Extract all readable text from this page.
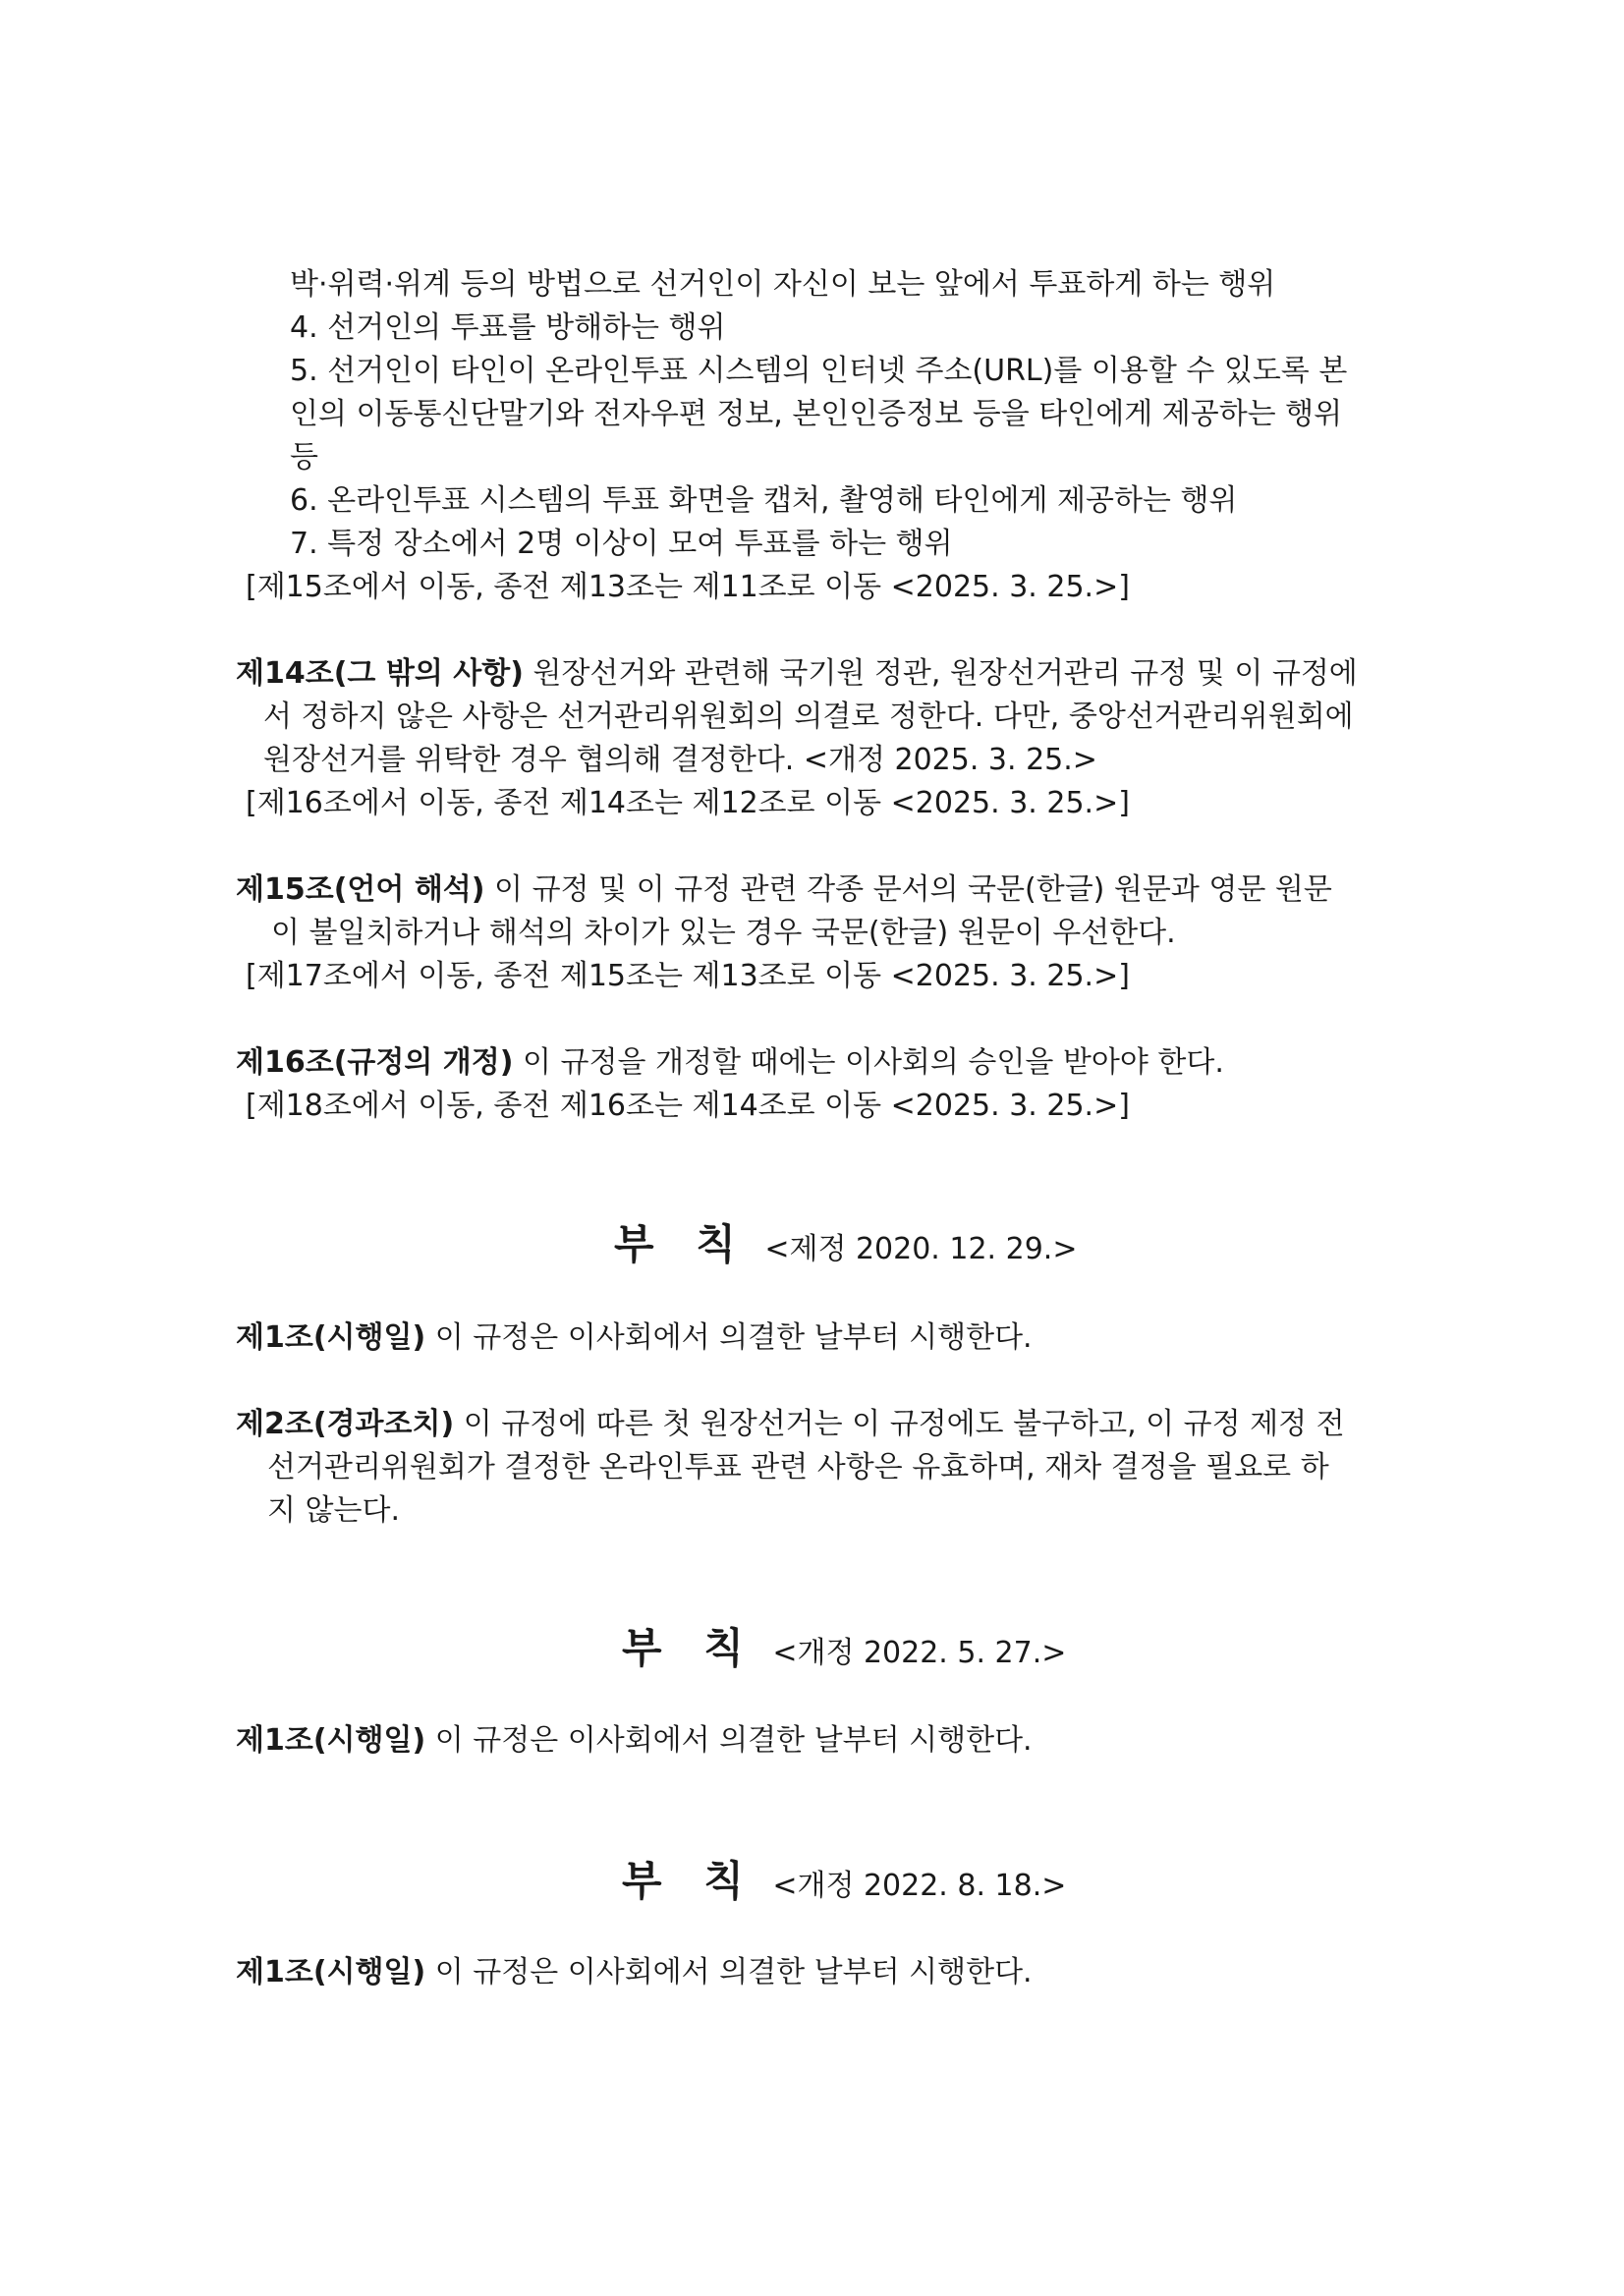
박·위력·위계 등의 방법으로 선거인이 자신이 보는 앞에서 투표하게 하는 행위
4. 선거인의 투표를 방해하는 행위
5. 선거인이 타인이 온라인투표 시스템의 인터넷 주소(URL)를 이용할 수 있도록 본
인의 이동통신단말기와 전자우편 정보, 본인인증정보 등을 타인에게 제공하는 행위
등
6. 온라인투표 시스템의 투표 화면을 캡처, 촬영해 타인에게 제공하는 행위
7. 특정 장소에서 2명 이상이 모여 투표를 하는 행위
[제15조에서 이동, 종전 제13조는 제11조로 이동 <2025. 3. 25.>]
제14조(그 밖의 사항) 원장선거와 관련해 국기원 정관, 원장선거관리 규정 및 이 규정에
서 정하지 않은 사항은 선거관리위원회의 의결로 정한다. 다만, 중앙선거관리위원회에
원장선거를 위탁한 경우 협의해 결정한다. <개정 2025. 3. 25.>
[제16조에서 이동, 종전 제14조는 제12조로 이동 <2025. 3. 25.>]
제15조(언어 해석) 이 규정 및 이 규정 관련 각종 문서의 국문(한글) 원문과 영문 원문
이 불일치하거나 해석의 차이가 있는 경우 국문(한글) 원문이 우선한다.
[제17조에서 이동, 종전 제15조는 제13조로 이동 <2025. 3. 25.>]
제16조(규정의 개정) 이 규정을 개정할 때에는 이사회의 승인을 받아야 한다.
[제18조에서 이동, 종전 제16조는 제14조로 이동 <2025. 3. 25.>]
부 칙 <제정 2020. 12. 29.>
제1조(시행일) 이 규정은 이사회에서 의결한 날부터 시행한다.
제2조(경과조치) 이 규정에 따른 첫 원장선거는 이 규정에도 불구하고, 이 규정 제정 전
선거관리위원회가 결정한 온라인투표 관련 사항은 유효하며, 재차 결정을 필요로 하
지 않는다.
부 칙 <개정 2022. 5. 27.>
제1조(시행일) 이 규정은 이사회에서 의결한 날부터 시행한다.
부 칙 <개정 2022. 8. 18.>
제1조(시행일) 이 규정은 이사회에서 의결한 날부터 시행한다.
